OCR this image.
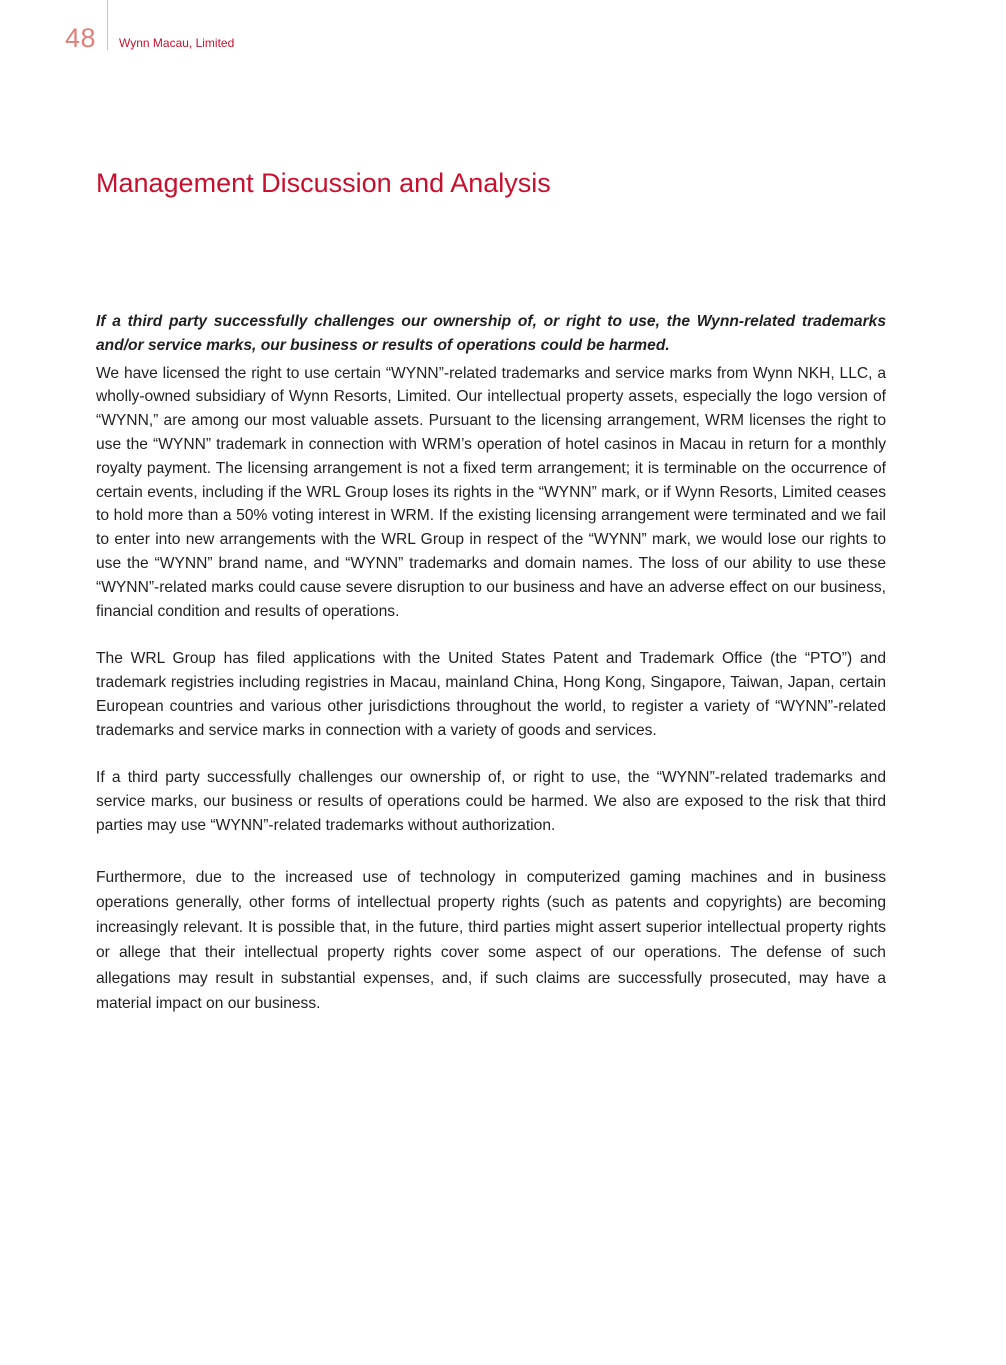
48 Wynn Macau, Limited
Management Discussion and Analysis

If a third party successfully challenges our ownership of, or right to use, the Wynn-related trademarks and/or service marks, our business or results of operations could be harmed.

We have licensed the right to use certain “WYNN”-related trademarks and service marks from Wynn NKH, LLC, a wholly-owned subsidiary of Wynn Resorts, Limited. Our intellectual property assets, especially the logo version of “WYNN,” are among our most valuable assets. Pursuant to the licensing arrangement, WRM licenses the right to use the “WYNN” trademark in connection with WRM’s operation of hotel casinos in Macau in return for a monthly royalty payment. The licensing arrangement is not a fixed term arrangement; it is terminable on the occurrence of certain events, including if the WRL Group loses its rights in the “WYNN” mark, or if Wynn Resorts, Limited ceases to hold more than a 50% voting interest in WRM. If the existing licensing arrangement were terminated and we fail to enter into new arrangements with the WRL Group in respect of the “WYNN” mark, we would lose our rights to use the “WYNN” brand name, and “WYNN” trademarks and domain names. The loss of our ability to use these “WYNN”-related marks could cause severe disruption to our business and have an adverse effect on our business, financial condition and results of operations.

The WRL Group has filed applications with the United States Patent and Trademark Office (the “PTO”) and trademark registries including registries in Macau, mainland China, Hong Kong, Singapore, Taiwan, Japan, certain European countries and various other jurisdictions throughout the world, to register a variety of “WYNN”-related trademarks and service marks in connection with a variety of goods and services.

If a third party successfully challenges our ownership of, or right to use, the “WYNN”-related trademarks and service marks, our business or results of operations could be harmed. We also are exposed to the risk that third parties may use “WYNN”-related trademarks without authorization.

Furthermore, due to the increased use of technology in computerized gaming machines and in business operations generally, other forms of intellectual property rights (such as patents and copyrights) are becoming increasingly relevant. It is possible that, in the future, third parties might assert superior intellectual property rights or allege that their intellectual property rights cover some aspect of our operations. The defense of such allegations may result in substantial expenses, and, if such claims are successfully prosecuted, may have a material impact on our business.
